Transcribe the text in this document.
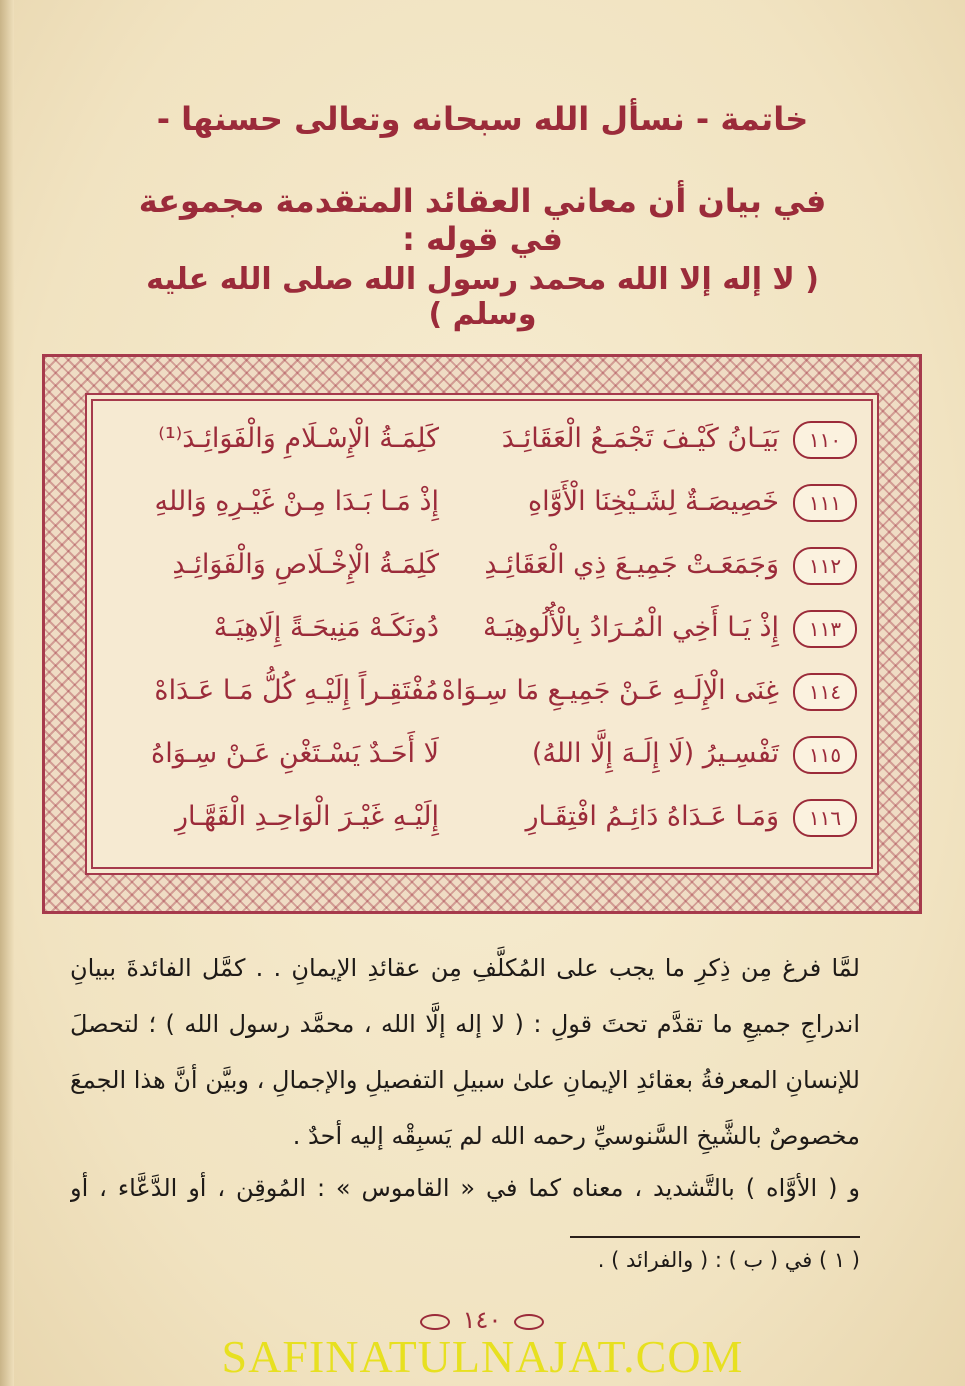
خاتمة - نسأل الله سبحانه وتعالى حسنها -
في بيان أن معاني العقائد المتقدمة مجموعة في قوله :
( لا إله إلا الله محمد رسول الله صلى الله عليه وسلم )
١١٠
بَيَـانُ كَيْـفَ تَجْمَـعُ الْعَقَائِـدَ
كَلِمَـةُ الْإِسْـلَامِ وَالْفَوَائِـدَ⁽¹⁾
١١١
خَصِيصَـةٌ لِشَـيْخِنَا الْأَوَّاهِ
إِذْ مَـا بَـدَا مِـنْ غَيْـرِهِ وَاللهِ
١١٢
وَجَمَعَـتْ جَمِيـعَ ذِي الْعَقَائِـدِ
كَلِمَـةُ الْإِخْـلَاصِ وَالْفَوَائِـدِ
١١٣
إِذْ يَـا أَخِي الْمُـرَادُ بِالْأُلُوهِيَـهْ
دُونَكَـهْ مَنِيحَـةً إِلَاهِيَـهْ
١١٤
غِنَى الْإِلَـهِ عَـنْ جَمِيـعِ مَا سِـوَاهْ
مُفْتَقِـراً إِلَيْـهِ كُلُّ مَـا عَـدَاهْ
١١٥
تَفْسِـيرُ (لَا إِلَـهَ إِلَّا اللهُ)
لَا أَحَـدٌ يَسْـتَغْنِ عَـنْ سِـوَاهُ
١١٦
وَمَـا عَـدَاهُ دَائِـمُ افْتِقَـارِ
إِلَيْـهِ غَيْـرَ الْوَاحِـدِ الْقَهَّـارِ
لمَّا فرغ مِن ذِكرِ ما يجب على المُكلَّفِ مِن عقائدِ الإيمانِ . . كمَّل الفائدةَ ببيانِ اندراجِ جميعِ ما تقدَّم تحتَ قولِ : ( لا إله إلَّا الله ، محمَّد رسول الله ) ؛ لتحصلَ للإنسانِ المعرفةُ بعقائدِ الإيمانِ علىٰ سبيلِ التفصيلِ والإجمالِ ، وبيَّن أنَّ هذا الجمعَ مخصوصٌ بالشَّيخِ السَّنوسيِّ رحمه الله لم يَسبِقْه إليه أحدٌ .
و ( الأوَّاه ) بالتَّشديد ، معناه كما في « القاموس » : المُوقِن ، أو الدَّعَّاء ، أو
( ١ ) في ( ب ) : ( والفرائد ) .
١٤٠
SAFINATULNAJAT.COM
